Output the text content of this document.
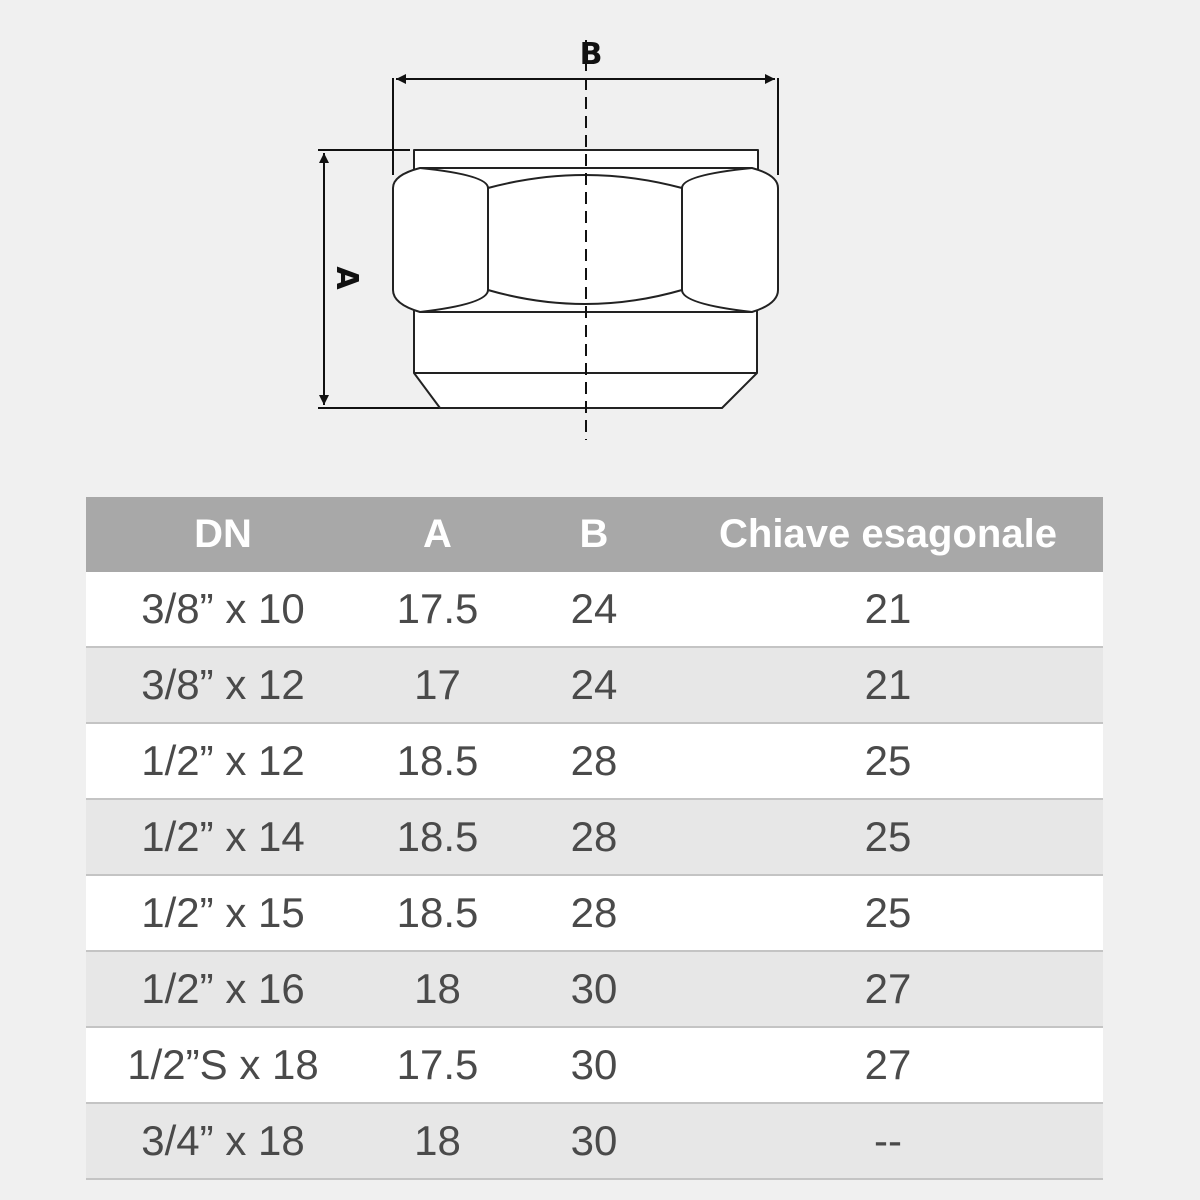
B
A
DN	A	B	Chiave esagonale
3/8” x 10	17.5	24	21
3/8” x 12	17	24	21
1/2” x 12	18.5	28	25
1/2” x 14	18.5	28	25
1/2” x 15	18.5	28	25
1/2” x 16	18	30	27
1/2”S x 18	17.5	30	27
3/4” x 18	18	30	--
